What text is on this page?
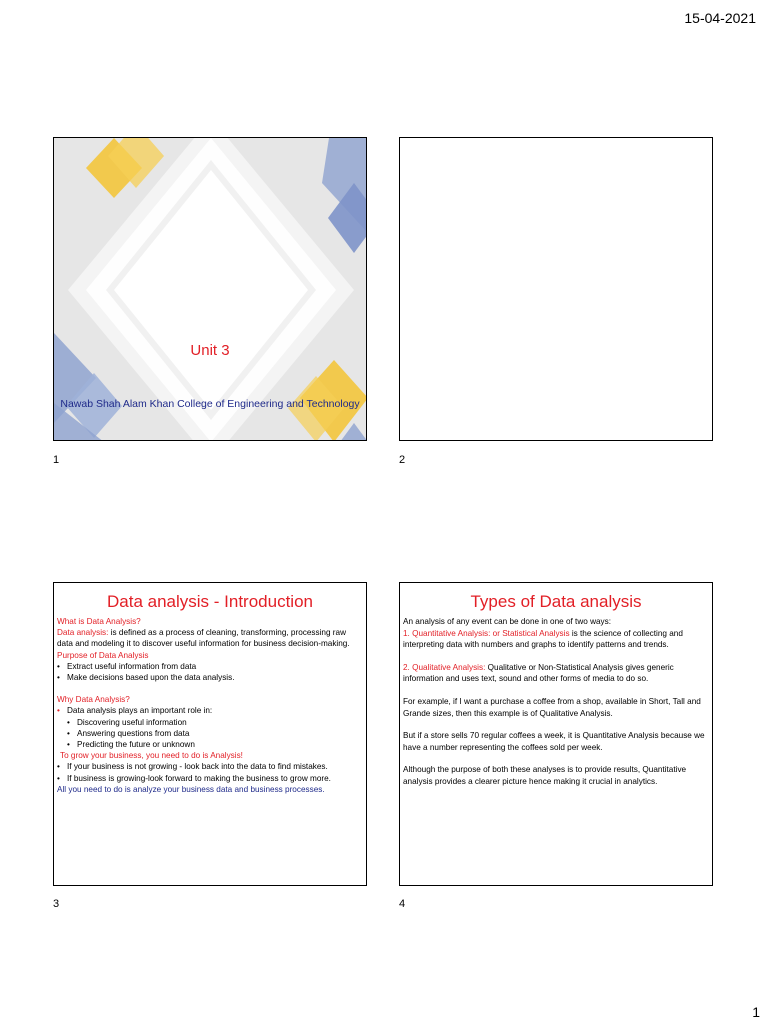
15-04-2021
Unit 3
Nawab Shah Alam Khan College of Engineering and Technology
1	2
Data analysis - Introduction
What is Data Analysis?
Data analysis: is defined as a process of cleaning, transforming, processing raw data and modeling it to discover useful information for business decision-making.
Purpose of Data Analysis
• Extract useful information from data
• Make decisions based upon the data analysis.
Why Data Analysis?
• Data analysis plays an important role in:
• Discovering useful information
• Answering questions from data
• Predicting the future or unknown
To grow your business, you need to do is Analysis!
• If your business is not growing - look back into the data to find mistakes.
• If business is growing-look forward to making the business to grow more.
All you need to do is analyze your business data and business processes.
3
Types of Data analysis
An analysis of any event can be done in one of two ways:
1. Quantitative Analysis: or Statistical Analysis is the science of collecting and interpreting data with numbers and graphs to identify patterns and trends.
2. Qualitative Analysis: Qualitative or Non-Statistical Analysis gives generic information and uses text, sound and other forms of media to do so.
For example, if I want a purchase a coffee from a shop, available in Short, Tall and Grande sizes, then this example is of Qualitative Analysis.
But if a store sells 70 regular coffees a week, it is Quantitative Analysis because we have a number representing the coffees sold per week.
Although the purpose of both these analyses is to provide results, Quantitative analysis provides a clearer picture hence making it crucial in analytics.
4
1
